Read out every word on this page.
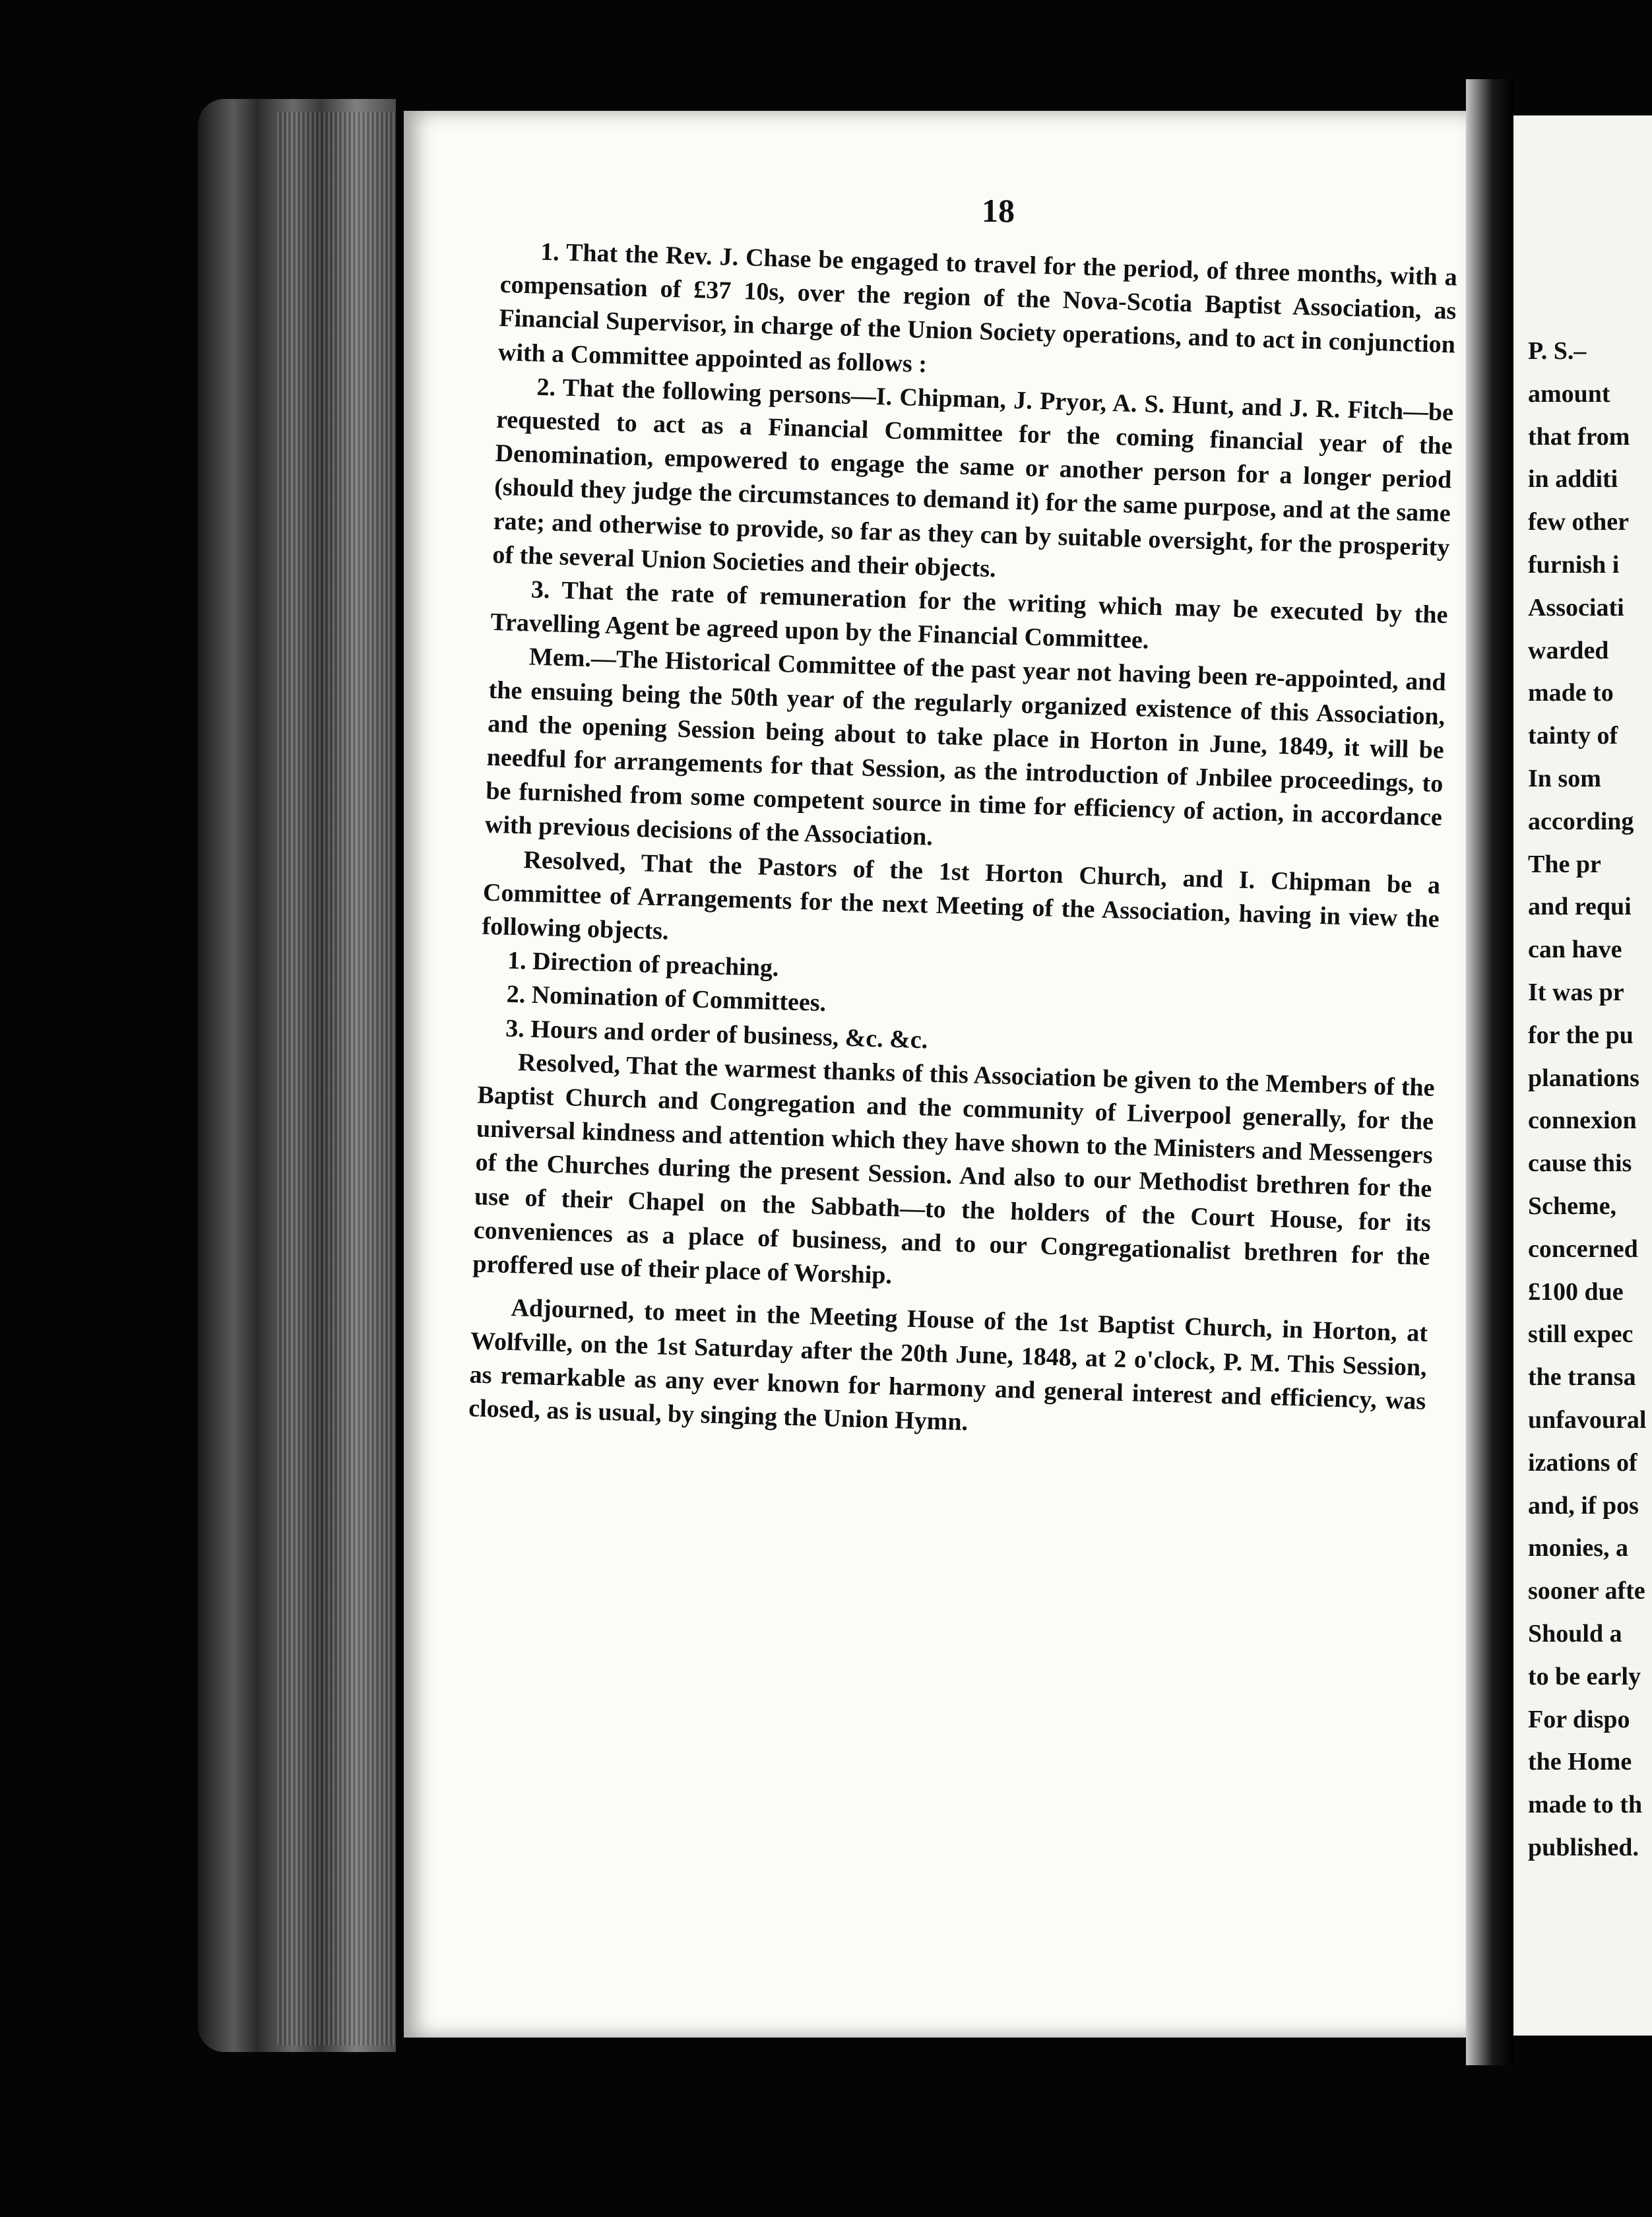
18

1. That the Rev. J. Chase be engaged to travel for the period, of three months, with a compensation of £37 10s, over the region of the Nova-Scotia Baptist Association, as Financial Supervisor, in charge of the Union Society operations, and to act in conjunction with a Committee appointed as follows :

2. That the following persons—I. Chipman, J. Pryor, A. S. Hunt, and J. R. Fitch—be requested to act as a Financial Committee for the coming financial year of the Denomination, empowered to engage the same or another person for a longer period (should they judge the circumstances to demand it) for the same purpose, and at the same rate; and otherwise to provide, so far as they can by suitable oversight, for the prosperity of the several Union Societies and their objects.

3. That the rate of remuneration for the writing which may be executed by the Travelling Agent be agreed upon by the Financial Committee.

Mem.—The Historical Committee of the past year not having been re-appointed, and the ensuing being the 50th year of the regularly organized existence of this Association, and the opening Session being about to take place in Horton in June, 1849, it will be needful for arrangements for that Session, as the introduction of Jnbilee proceedings, to be furnished from some competent source in time for efficiency of action, in accordance with previous decisions of the Association.

Resolved, That the Pastors of the 1st Horton Church, and I. Chipman be a Committee of Arrangements for the next Meeting of the Association, having in view the following objects.

1. Direction of preaching.

2. Nomination of Committees.

3. Hours and order of business, &c. &c.

Resolved, That the warmest thanks of this Association be given to the Members of the Baptist Church and Congregation and the community of Liverpool generally, for the universal kindness and attention which they have shown to the Ministers and Messengers of the Churches during the present Session. And also to our Methodist brethren for the use of their Chapel on the Sabbath—to the holders of the Court House, for its conveniences as a place of business, and to our Congregationalist brethren for the proffered use of their place of Worship.

Adjourned, to meet in the Meeting House of the 1st Baptist Church, in Horton, at Wolfville, on the 1st Saturday after the 20th June, 1848, at 2 o'clock, P. M. This Session, as remarkable as any ever known for harmony and general interest and efficiency, was closed, as is usual, by singing the Union Hymn.

P. S.–
amount
that from
in additi
few other
furnish i
Associati
warded
made to
tainty of
In som
according
The pr
and requi
can have
It was pr
for the pu
planations
connexion
cause this
Scheme,
concerned
£100 due
still expec
the transa
unfavoural
izations of
and, if pos
monies, a
sooner afte
Should a
to be early
For dispo
the Home
made to th
published.
